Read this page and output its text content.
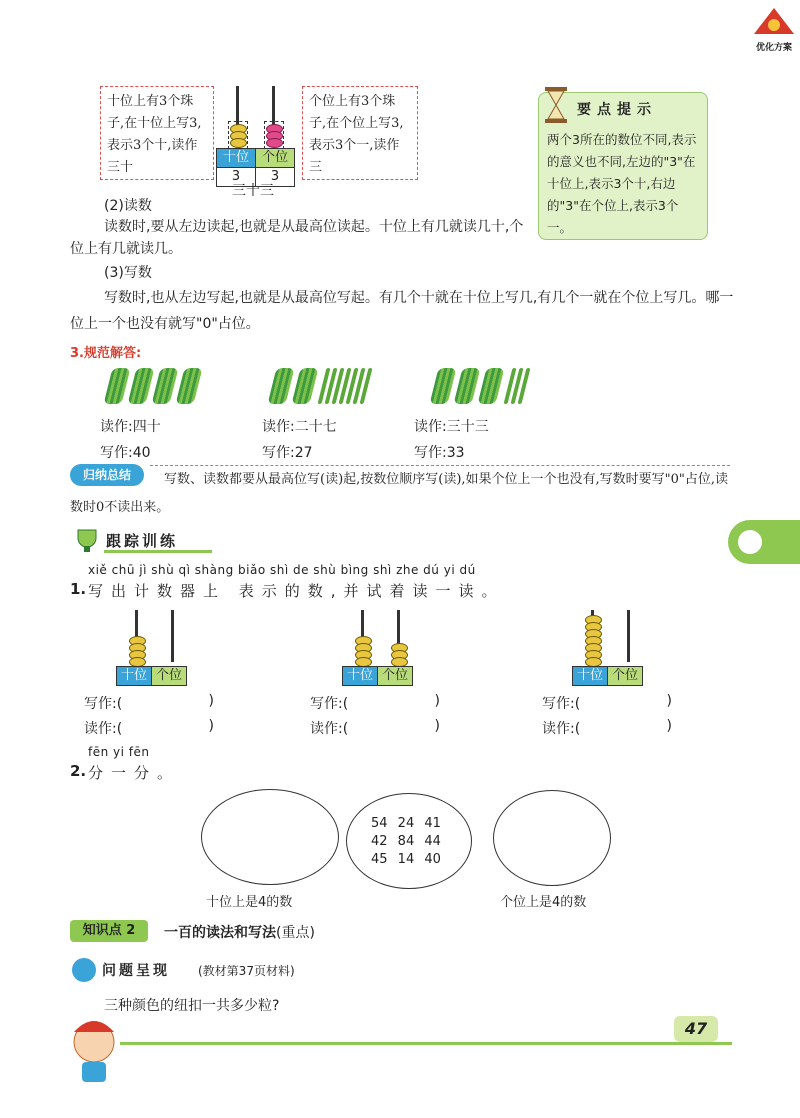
优化方案
十位上有3个珠子,在十位上写3,表示3个十,读作三十
个位上有3个珠子,在个位上写3,表示3个一,读作三
十位 个位
3	3
三十三
要点提示
两个3所在的数位不同,表示的意义也不同,左边的"3"在十位上,表示3个十,右边的"3"在个位上,表示3个一。
(2)读数
读数时,要从左边读起,也就是从最高位读起。十位上有几就读几十,个位上有几就读几。
(3)写数
写数时,也从左边写起,也就是从最高位写起。有几个十就在十位上写几,有几个一就在个位上写几。哪一位上一个也没有就写"0"占位。
3.规范解答:
读作:四十
写作:40
读作:二十七
写作:27
读作:三十三
写作:33
归纳总结	写数、读数都要从最高位写(读)起,按数位顺序写(读),如果个位上一个也没有,写数时要写"0"占位,读数时0不读出来。
跟踪训练
xiě chū jì shù qì shàng biǎo shì de shù bìng shì zhe dú yi dú
1. 写出计数器上 表示的数,并试着读一读。
十位 个位	十位 个位	十位 个位
写作:(	)
读作:(	)
写作:(	)
读作:(	)
写作:(	)
读作:(	)
fēn yi fēn
2. 分一分。
54 24 41
42 84 44
45 14 40
十位上是4的数	个位上是4的数
知识点 2	一百的读法和写法(重点)
问题呈现 (教材第37页材料)
三种颜色的纽扣一共多少粒?
47
